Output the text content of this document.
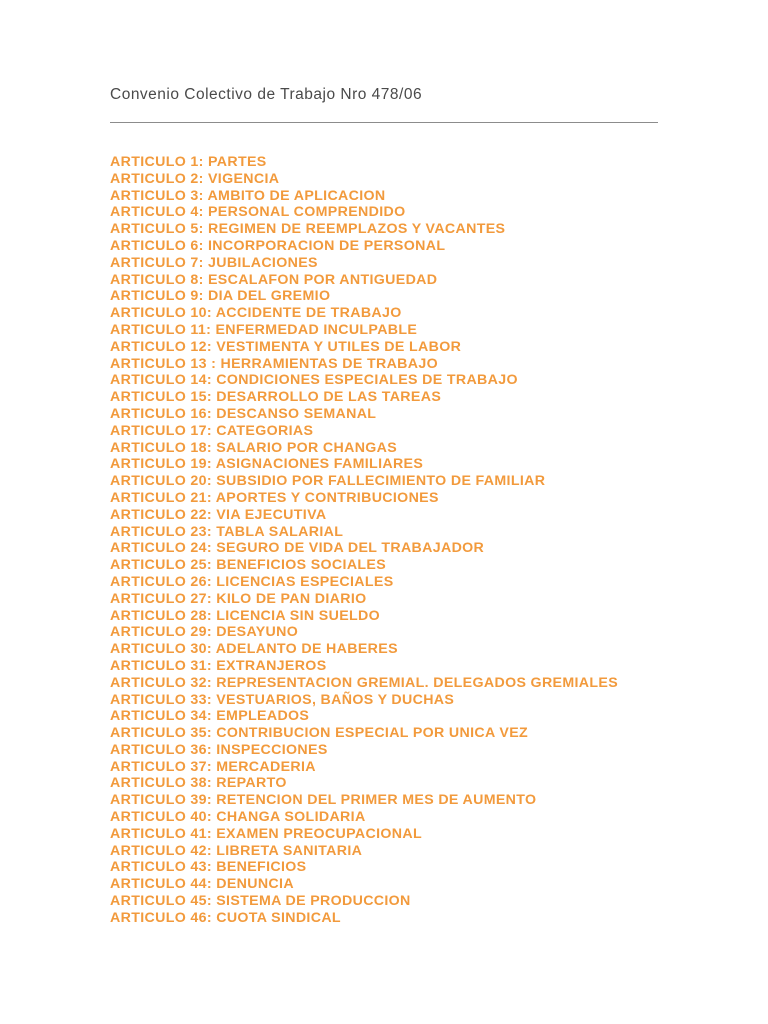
Convenio Colectivo de Trabajo Nro 478/06
ARTICULO 1: PARTES
ARTICULO 2: VIGENCIA
ARTICULO 3: AMBITO DE APLICACION
ARTICULO 4: PERSONAL COMPRENDIDO
ARTICULO 5: REGIMEN DE REEMPLAZOS Y VACANTES
ARTICULO 6: INCORPORACION DE PERSONAL
ARTICULO 7: JUBILACIONES
ARTICULO 8: ESCALAFON POR ANTIGUEDAD
ARTICULO 9: DIA DEL GREMIO
ARTICULO 10: ACCIDENTE DE TRABAJO
ARTICULO 11: ENFERMEDAD INCULPABLE
ARTICULO 12: VESTIMENTA Y UTILES DE LABOR
ARTICULO 13 : HERRAMIENTAS DE TRABAJO
ARTICULO 14: CONDICIONES ESPECIALES DE TRABAJO
ARTICULO 15: DESARROLLO DE LAS TAREAS
ARTICULO 16: DESCANSO SEMANAL
ARTICULO 17: CATEGORIAS
ARTICULO 18: SALARIO POR CHANGAS
ARTICULO 19: ASIGNACIONES FAMILIARES
ARTICULO 20: SUBSIDIO POR FALLECIMIENTO DE FAMILIAR
ARTICULO 21: APORTES Y CONTRIBUCIONES
ARTICULO 22: VIA EJECUTIVA
ARTICULO 23: TABLA SALARIAL
ARTICULO 24: SEGURO DE VIDA DEL TRABAJADOR
ARTICULO 25: BENEFICIOS SOCIALES
ARTICULO 26: LICENCIAS ESPECIALES
ARTICULO 27: KILO DE PAN DIARIO
ARTICULO 28: LICENCIA SIN SUELDO
ARTICULO 29: DESAYUNO
ARTICULO 30: ADELANTO DE HABERES
ARTICULO 31: EXTRANJEROS
ARTICULO 32: REPRESENTACION GREMIAL. DELEGADOS GREMIALES
ARTICULO 33: VESTUARIOS, BAÑOS Y DUCHAS
ARTICULO 34: EMPLEADOS
ARTICULO 35: CONTRIBUCION ESPECIAL POR UNICA VEZ
ARTICULO 36: INSPECCIONES
ARTICULO 37: MERCADERIA
ARTICULO 38: REPARTO
ARTICULO 39: RETENCION DEL PRIMER MES DE AUMENTO
ARTICULO 40: CHANGA SOLIDARIA
ARTICULO 41: EXAMEN PREOCUPACIONAL
ARTICULO 42: LIBRETA SANITARIA
ARTICULO 43: BENEFICIOS
ARTICULO 44: DENUNCIA
ARTICULO 45: SISTEMA DE PRODUCCION
ARTICULO 46: CUOTA SINDICAL
